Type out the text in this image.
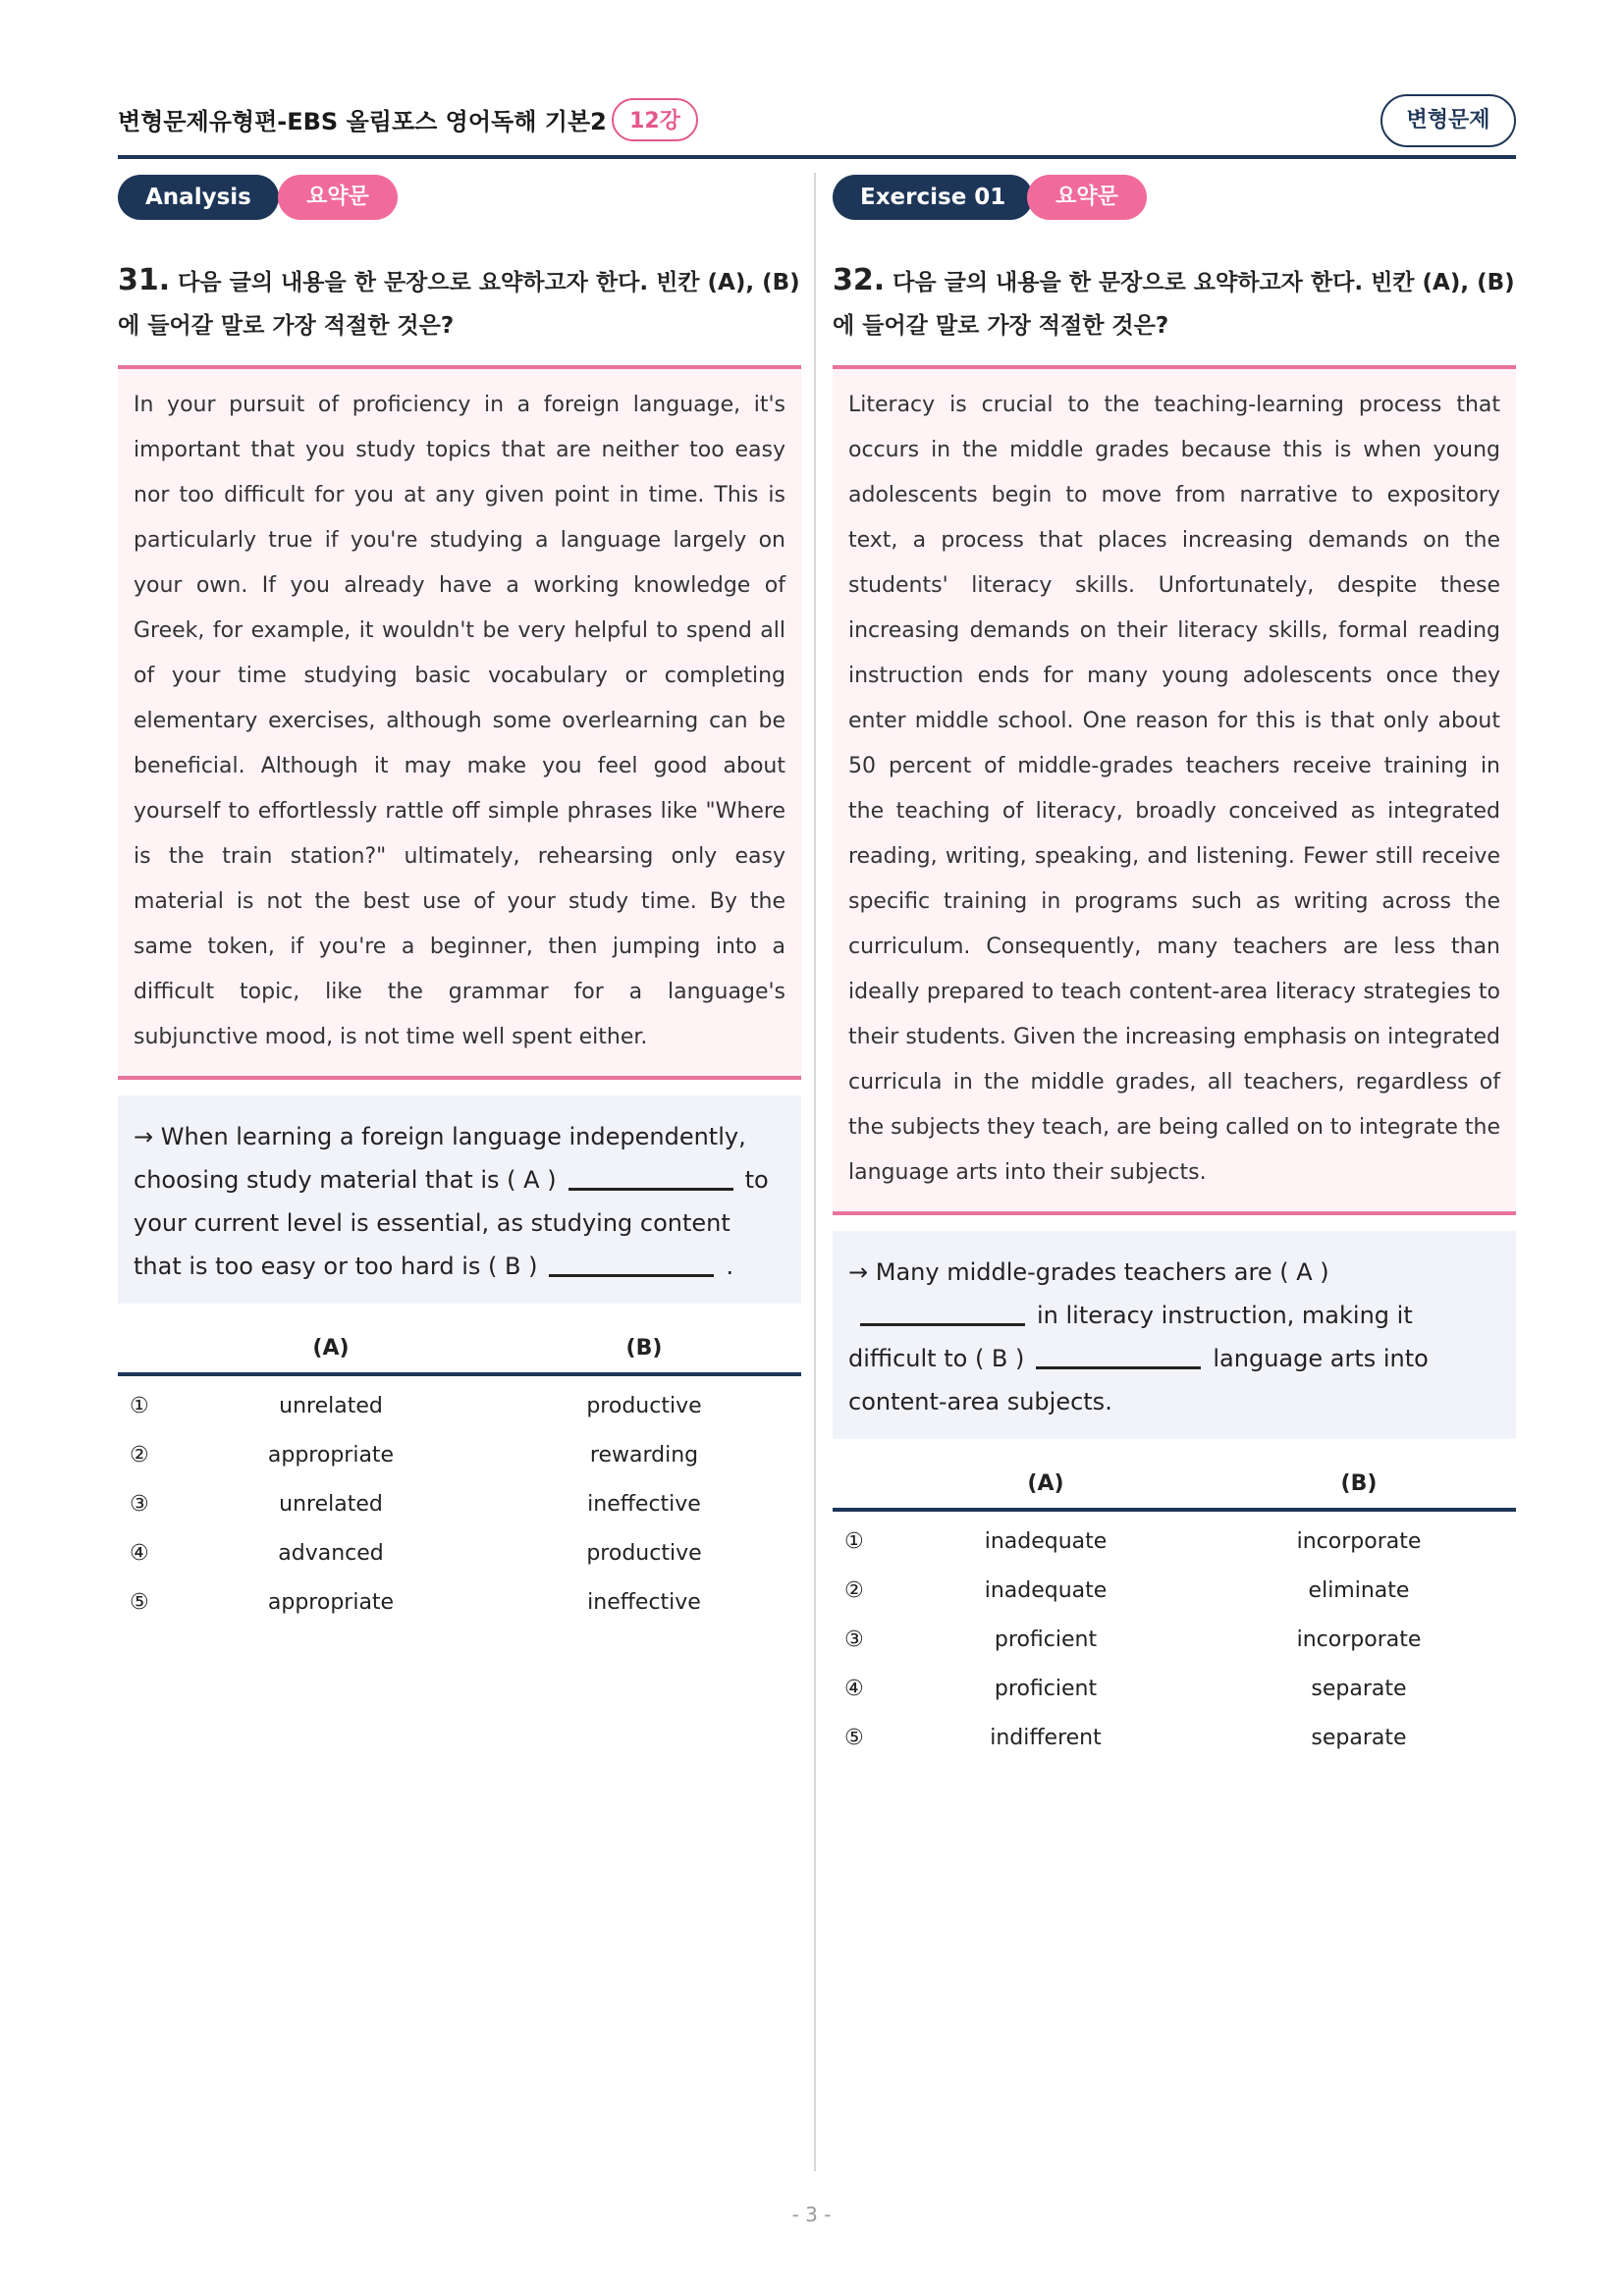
변형문제유형편-EBS 올림포스 영어독해 기본2	12강	변형문제
Analysis	요약문
31. 다음 글의 내용을 한 문장으로 요약하고자 한다. 빈칸 (A), (B)에 들어갈 말로 가장 적절한 것은?
In your pursuit of proficiency in a foreign language, it's important that you study topics that are neither too easy nor too difficult for you at any given point in time. This is particularly true if you're studying a language largely on your own. If you already have a working knowledge of Greek, for example, it wouldn't be very helpful to spend all of your time studying basic vocabulary or completing elementary exercises, although some overlearning can be beneficial. Although it may make you feel good about yourself to effortlessly rattle off simple phrases like "Where is the train station?" ultimately, rehearsing only easy material is not the best use of your study time. By the same token, if you're a beginner, then jumping into a difficult topic, like the grammar for a language's subjunctive mood, is not time well spent either.
→ When learning a foreign language independently, choosing study material that is ( A )	to your current level is essential, as studying content that is too easy or too hard is ( B )	.
(A)	(B)
①	unrelated	productive
②	appropriate	rewarding
③	unrelated	ineffective
④	advanced	productive
⑤	appropriate	ineffective
Exercise 01	요약문
32. 다음 글의 내용을 한 문장으로 요약하고자 한다. 빈칸 (A), (B)에 들어갈 말로 가장 적절한 것은?
Literacy is crucial to the teaching-learning process that occurs in the middle grades because this is when young adolescents begin to move from narrative to expository text, a process that places increasing demands on the students' literacy skills. Unfortunately, despite these increasing demands on their literacy skills, formal reading instruction ends for many young adolescents once they enter middle school. One reason for this is that only about 50 percent of middle-grades teachers receive training in the teaching of literacy, broadly conceived as integrated reading, writing, speaking, and listening. Fewer still receive specific training in programs such as writing across the curriculum. Consequently, many teachers are less than ideally prepared to teach content-area literacy strategies to their students. Given the increasing emphasis on integrated curricula in the middle grades, all teachers, regardless of the subjects they teach, are being called on to integrate the language arts into their subjects.
→ Many middle-grades teachers are ( A )in literacy instruction, making it difficult to ( B )	language arts into content-area subjects.
(A)	(B)
①	inadequate	incorporate
②	inadequate	eliminate
③	proficient	incorporate
④	proficient	separate
⑤	indifferent	separate
- 3 -
